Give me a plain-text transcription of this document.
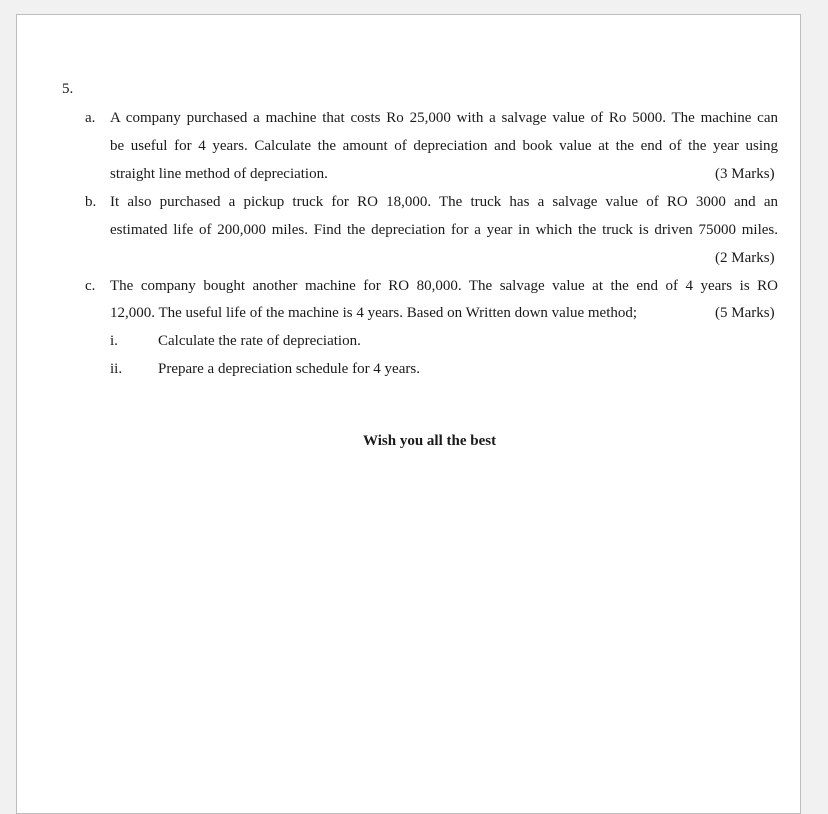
5.
a. A company purchased a machine that costs Ro 25,000 with a salvage value of Ro 5000. The machine can
be useful for 4 years. Calculate the amount of depreciation and book value at the end of the year using
straight line method of depreciation.	(3 Marks)
b. It also purchased a pickup truck for RO 18,000. The truck has a salvage value of RO 3000 and an
estimated life of 200,000 miles. Find the depreciation for a year in which the truck is driven 75000 miles.
(2 Marks)
c. The company bought another machine for RO 80,000. The salvage value at the end of 4 years is RO
12,000. The useful life of the machine is 4 years. Based on Written down value method;	(5 Marks)
i.	Calculate the rate of depreciation.
ii. Prepare a depreciation schedule for 4 years.
Wish you all the best
